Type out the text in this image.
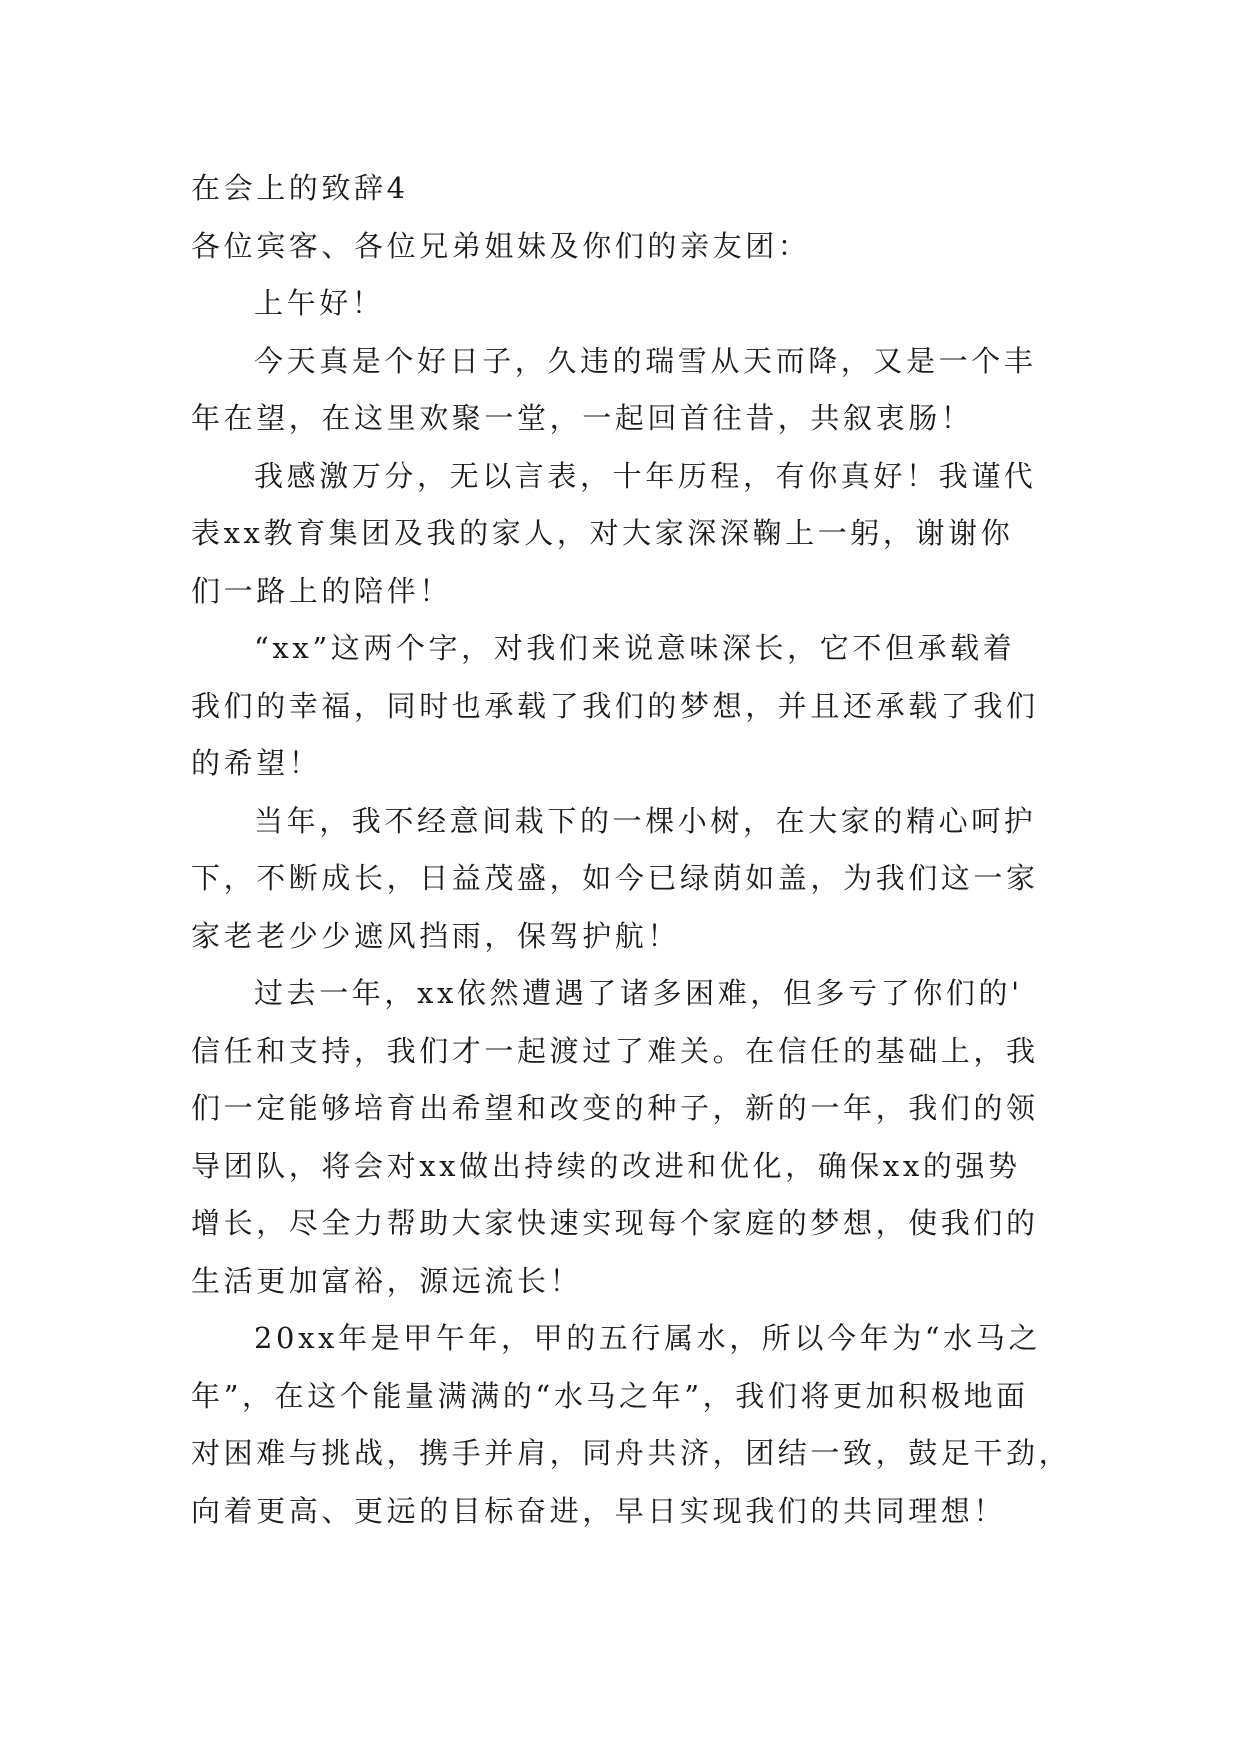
在会上的致辞4
各位宾客、各位兄弟姐妹及你们的亲友团：
上午好！
今天真是个好日子，久违的瑞雪从天而降，又是一个丰
年在望，在这里欢聚一堂，一起回首往昔，共叙衷肠！
我感激万分，无以言表，十年历程，有你真好！我谨代
表xx教育集团及我的家人，对大家深深鞠上一躬，谢谢你
们一路上的陪伴！
“xx”这两个字，对我们来说意味深长，它不但承载着
我们的幸福，同时也承载了我们的梦想，并且还承载了我们
的希望！
当年，我不经意间栽下的一棵小树，在大家的精心呵护
下，不断成长，日益茂盛，如今已绿荫如盖，为我们这一家
家老老少少遮风挡雨，保驾护航！
过去一年，xx依然遭遇了诸多困难，但多亏了你们的'
信任和支持，我们才一起渡过了难关。在信任的基础上，我
们一定能够培育出希望和改变的种子，新的一年，我们的领
导团队，将会对xx做出持续的改进和优化，确保xx的强势
增长，尽全力帮助大家快速实现每个家庭的梦想，使我们的
生活更加富裕，源远流长！
20xx年是甲午年，甲的五行属水，所以今年为“水马之
年”，在这个能量满满的“水马之年”，我们将更加积极地面
对困难与挑战，携手并肩，同舟共济，团结一致，鼓足干劲，
向着更高、更远的目标奋进，早日实现我们的共同理想！
